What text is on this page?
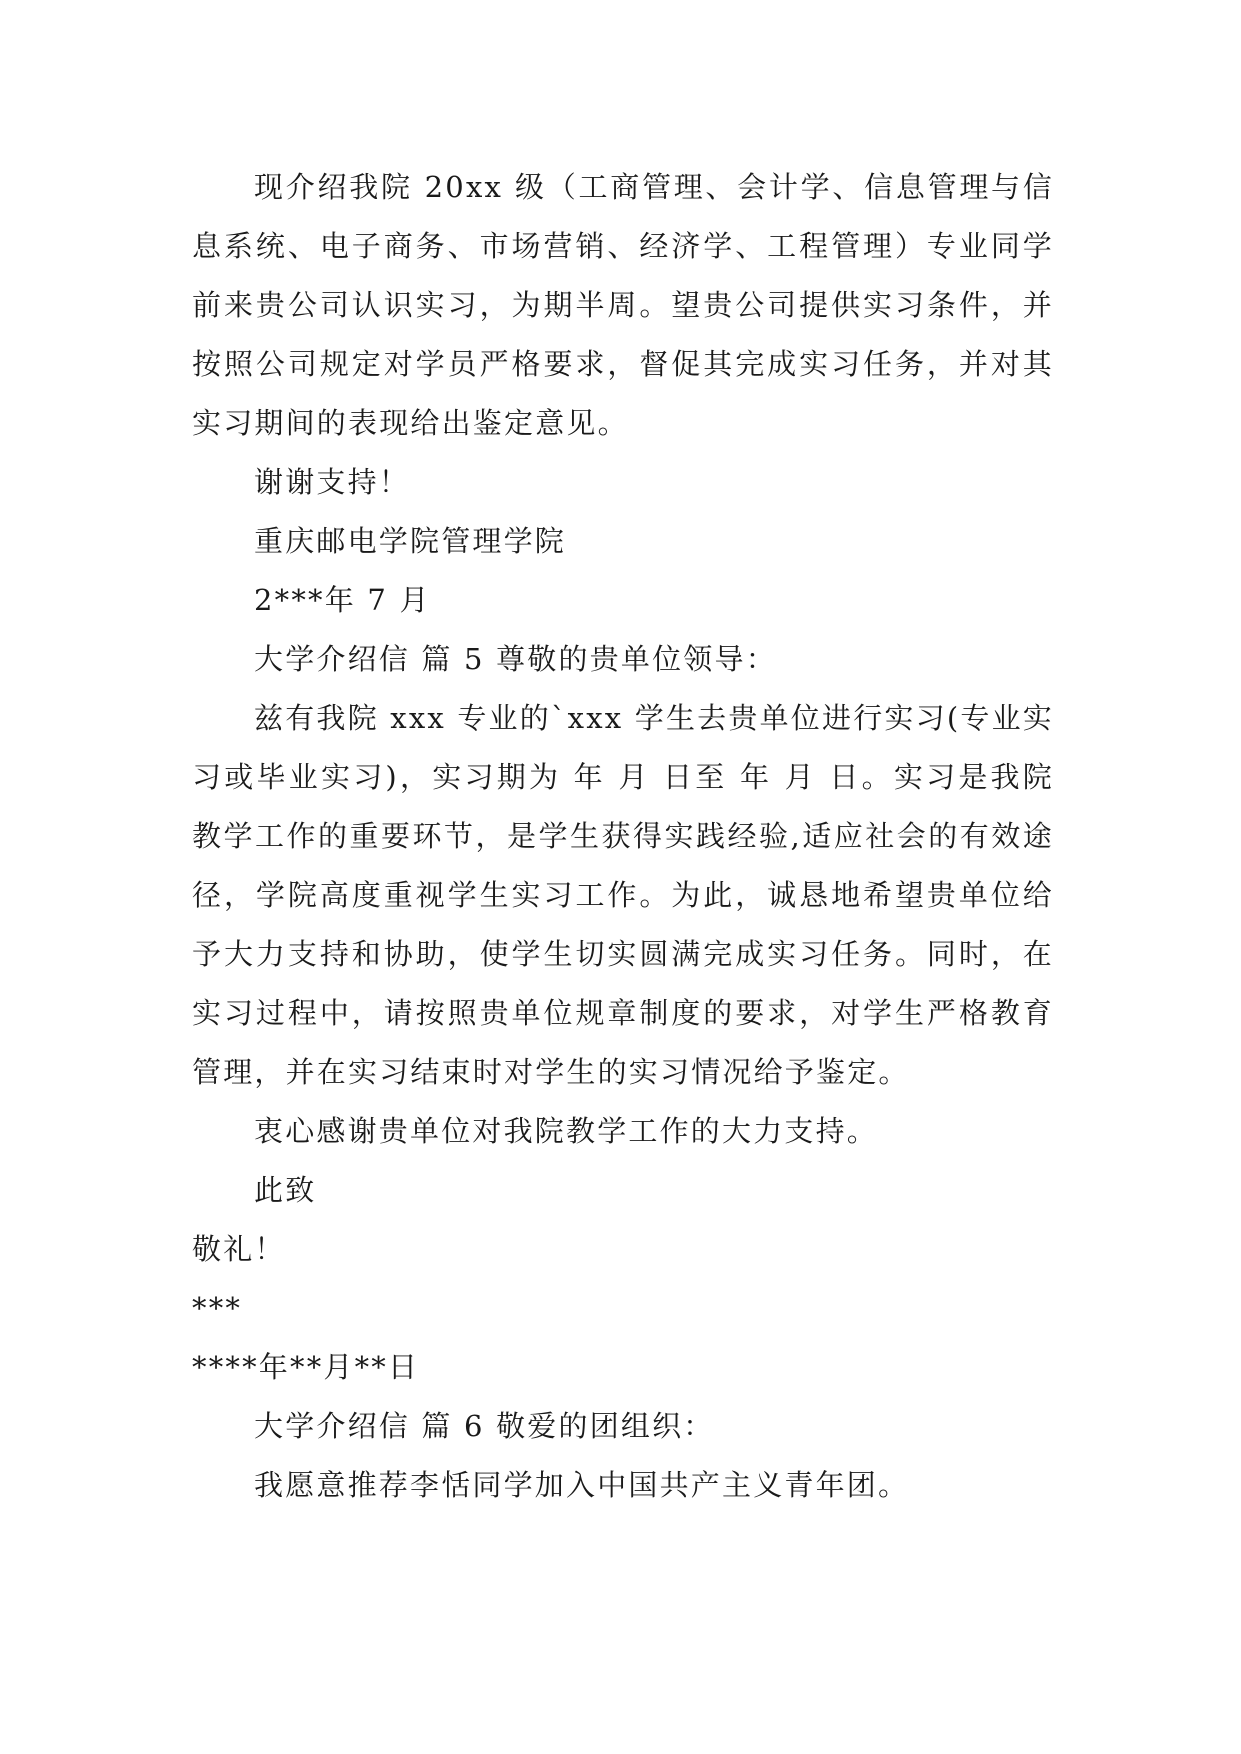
现介绍我院 20xx 级（工商管理、会计学、信息管理与信息系统、电子商务、市场营销、经济学、工程管理）专业同学前来贵公司认识实习，为期半周。望贵公司提供实习条件，并按照公司规定对学员严格要求，督促其完成实习任务，并对其实习期间的表现给出鉴定意见。

谢谢支持！

重庆邮电学院管理学院

2***年 7 月

大学介绍信 篇 5 尊敬的贵单位领导：

兹有我院 xxx 专业的`xxx 学生去贵单位进行实习(专业实习或毕业实习)，实习期为 年 月 日至 年 月 日。实习是我院教学工作的重要环节，是学生获得实践经验,适应社会的有效途径，学院高度重视学生实习工作。为此，诚恳地希望贵单位给予大力支持和协助，使学生切实圆满完成实习任务。同时，在实习过程中，请按照贵单位规章制度的要求，对学生严格教育管理，并在实习结束时对学生的实习情况给予鉴定。

衷心感谢贵单位对我院教学工作的大力支持。

此致

敬礼！

***

****年**月**日

大学介绍信 篇 6 敬爱的团组织：

我愿意推荐李恬同学加入中国共产主义青年团。
